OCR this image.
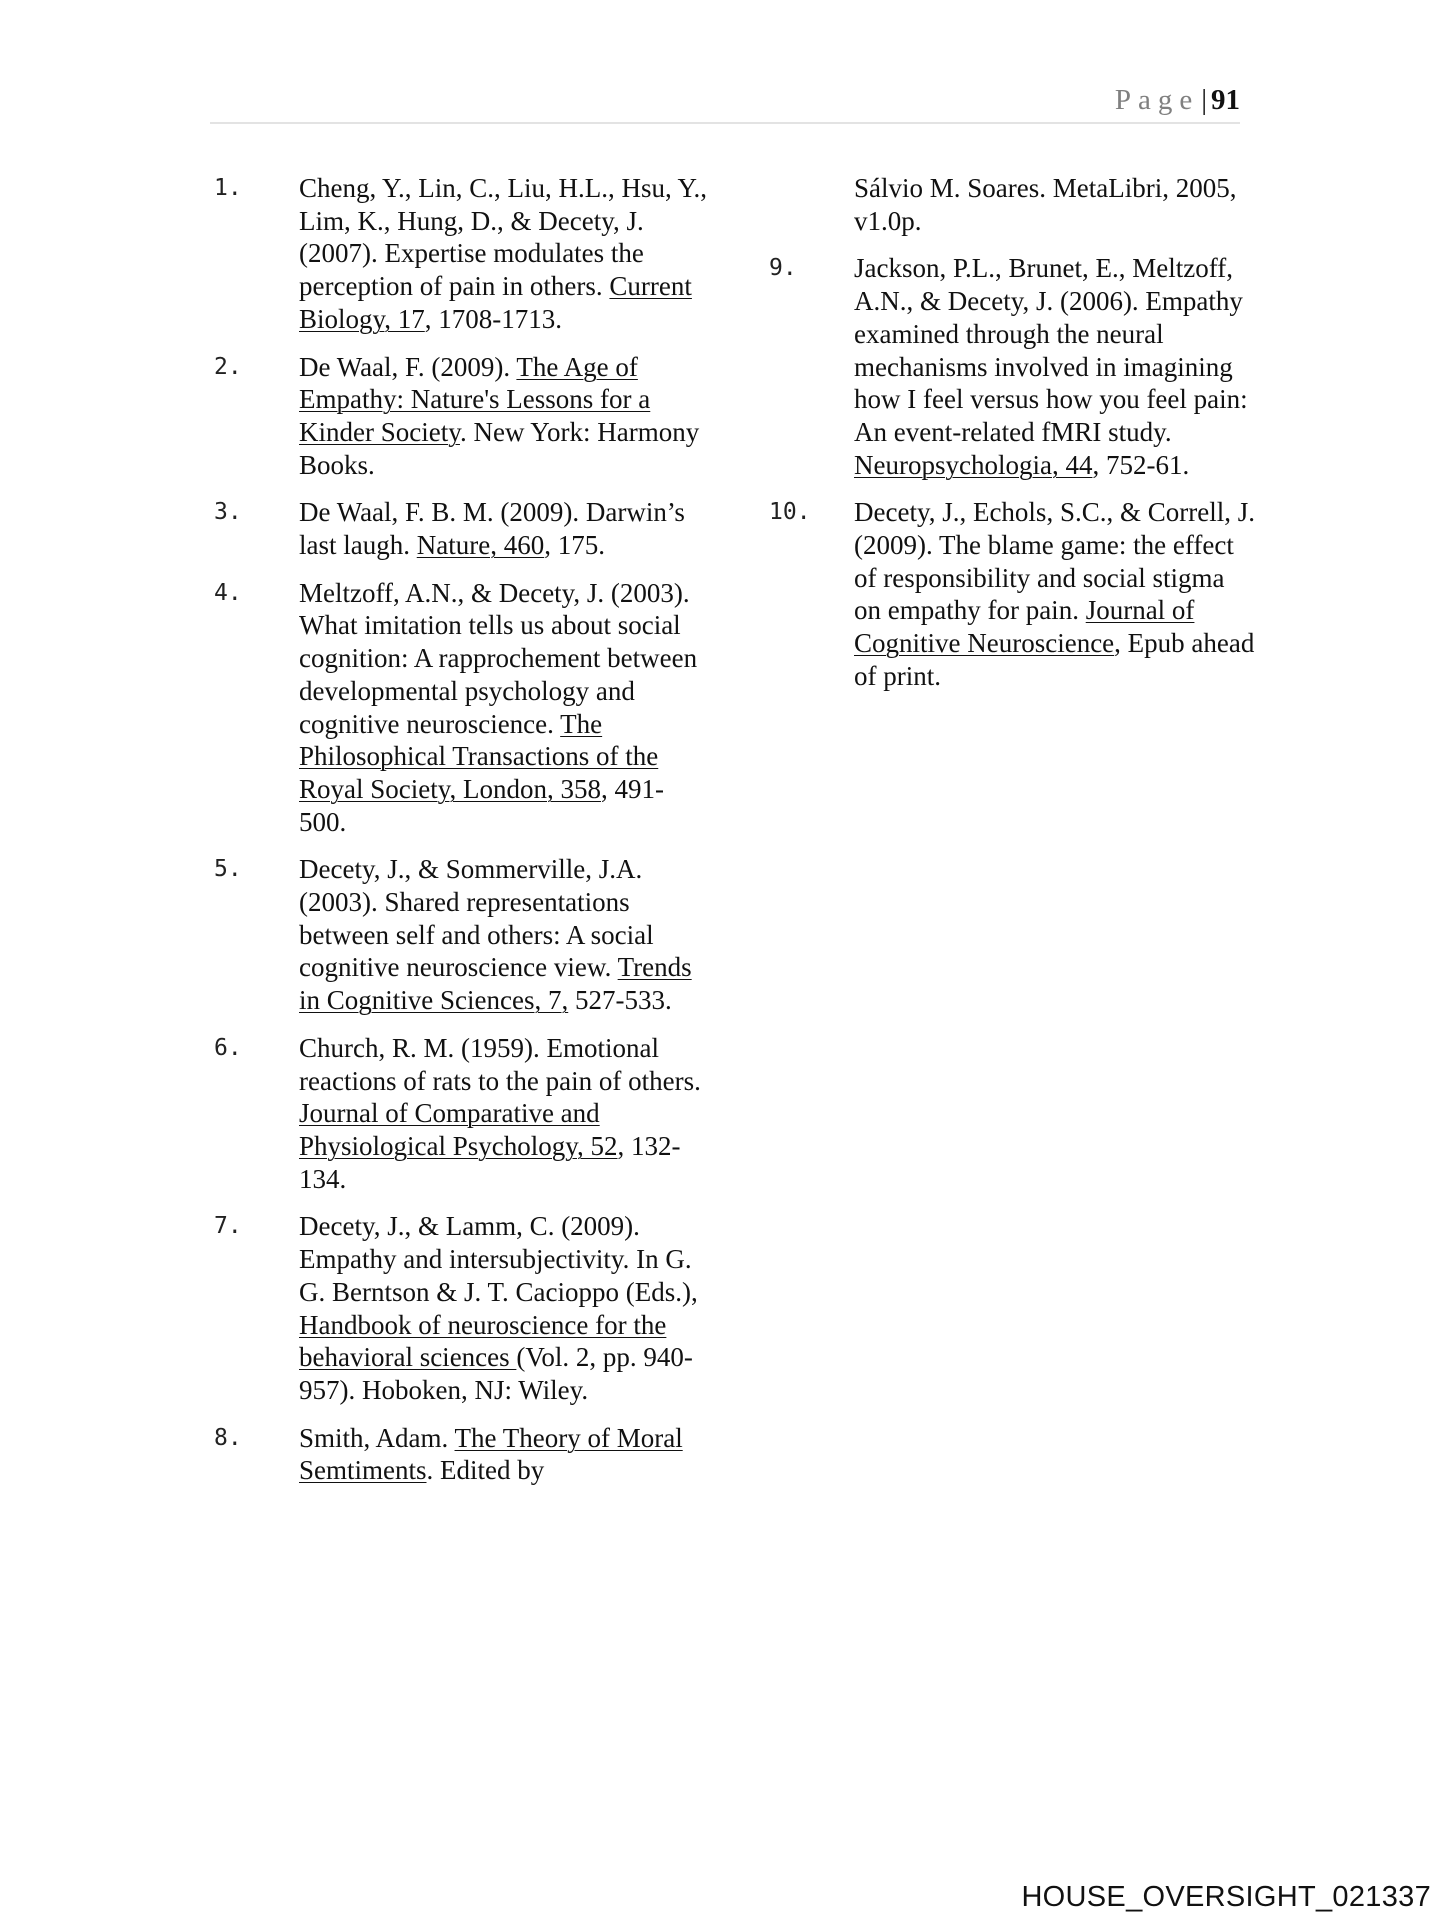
Page| 91
1. Cheng, Y., Lin, C., Liu, H.L., Hsu, Y., Lim, K., Hung, D., & Decety, J. (2007). Expertise modulates the perception of pain in others. Current Biology, 17, 1708-1713.
2. De Waal, F. (2009). The Age of Empathy: Nature's Lessons for a Kinder Society. New York: Harmony Books.
3. De Waal, F. B. M. (2009). Darwin’s last laugh. Nature, 460, 175.
4. Meltzoff, A.N., & Decety, J. (2003). What imitation tells us about social cognition: A rapprochement between developmental psychology and cognitive neuroscience. The Philosophical Transactions of the Royal Society, London, 358, 491-500.
5. Decety, J., & Sommerville, J.A. (2003). Shared representations between self and others: A social cognitive neuroscience view. Trends in Cognitive Sciences, 7, 527-533.
6. Church, R. M. (1959). Emotional reactions of rats to the pain of others. Journal of Comparative and Physiological Psychology, 52, 132-134.
7. Decety, J., & Lamm, C. (2009). Empathy and intersubjectivity. In G. G. Berntson & J. T. Cacioppo (Eds.), Handbook of neuroscience for the behavioral sciences (Vol. 2, pp. 940-957). Hoboken, NJ: Wiley.
8. Smith, Adam. The Theory of Moral Semtiments. Edited by
Sálvio M. Soares. MetaLibri, 2005, v1.0p.
9. Jackson, P.L., Brunet, E., Meltzoff, A.N., & Decety, J. (2006). Empathy examined through the neural mechanisms involved in imagining how I feel versus how you feel pain: An event-related fMRI study. Neuropsychologia, 44, 752-61.
10. Decety, J., Echols, S.C., & Correll, J. (2009). The blame game: the effect of responsibility and social stigma on empathy for pain. Journal of Cognitive Neuroscience, Epub ahead of print.
HOUSE_OVERSIGHT_021337
